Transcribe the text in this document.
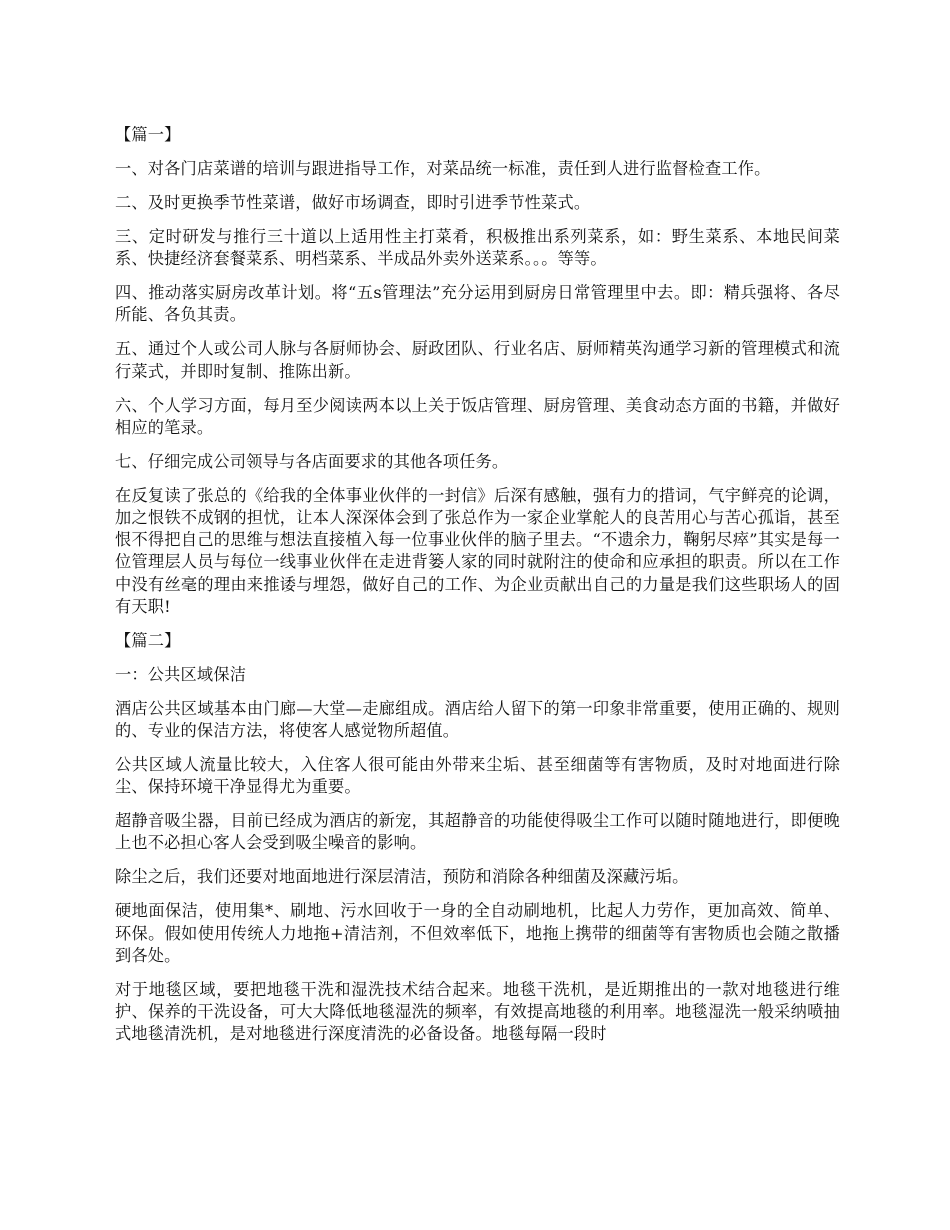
【篇一】

一、对各门店菜谱的培训与跟进指导工作，对菜品统一标准，责任到人进行监督检查工作。

二、及时更换季节性菜谱，做好市场调查，即时引进季节性菜式。

三、定时研发与推行三十道以上适用性主打菜肴，积极推出系列菜系，如：野生菜系、本地民间菜系、快捷经济套餐菜系、明档菜系、半成品外卖外送菜系。。。等等。

四、推动落实厨房改革计划。将“五s管理法”充分运用到厨房日常管理里中去。即：精兵强将、各尽所能、各负其责。

五、通过个人或公司人脉与各厨师协会、厨政团队、行业名店、厨师精英沟通学习新的管理模式和流行菜式，并即时复制、推陈出新。

六、个人学习方面，每月至少阅读两本以上关于饭店管理、厨房管理、美食动态方面的书籍，并做好相应的笔录。

七、仔细完成公司领导与各店面要求的其他各项任务。

在反复读了张总的《给我的全体事业伙伴的一封信》后深有感触，强有力的措词，气宇鲜亮的论调，加之恨铁不成钢的担忧，让本人深深体会到了张总作为一家企业掌舵人的良苦用心与苦心孤诣，甚至恨不得把自己的思维与想法直接植入每一位事业伙伴的脑子里去。“不遗余力，鞠躬尽瘁”其实是每一位管理层人员与每位一线事业伙伴在走进背篓人家的同时就附注的使命和应承担的职责。所以在工作中没有丝毫的理由来推诿与埋怨，做好自己的工作、为企业贡献出自己的力量是我们这些职场人的固有天职!

【篇二】

一：公共区域保洁

酒店公共区域基本由门廊—大堂—走廊组成。酒店给人留下的第一印象非常重要，使用正确的、规则的、专业的保洁方法，将使客人感觉物所超值。

公共区域人流量比较大，入住客人很可能由外带来尘垢、甚至细菌等有害物质，及时对地面进行除尘、保持环境干净显得尤为重要。

超静音吸尘器，目前已经成为酒店的新宠，其超静音的功能使得吸尘工作可以随时随地进行，即便晚上也不必担心客人会受到吸尘噪音的影响。

除尘之后，我们还要对地面地进行深层清洁，预防和消除各种细菌及深藏污垢。

硬地面保洁，使用集*、刷地、污水回收于一身的全自动刷地机，比起人力劳作，更加高效、简单、环保。假如使用传统人力地拖+清洁剂，不但效率低下，地拖上携带的细菌等有害物质也会随之散播到各处。

对于地毯区域，要把地毯干洗和湿洗技术结合起来。地毯干洗机，是近期推出的一款对地毯进行维护、保养的干洗设备，可大大降低地毯湿洗的频率，有效提高地毯的利用率。地毯湿洗一般采纳喷抽式地毯清洗机，是对地毯进行深度清洗的必备设备。地毯每隔一段时
